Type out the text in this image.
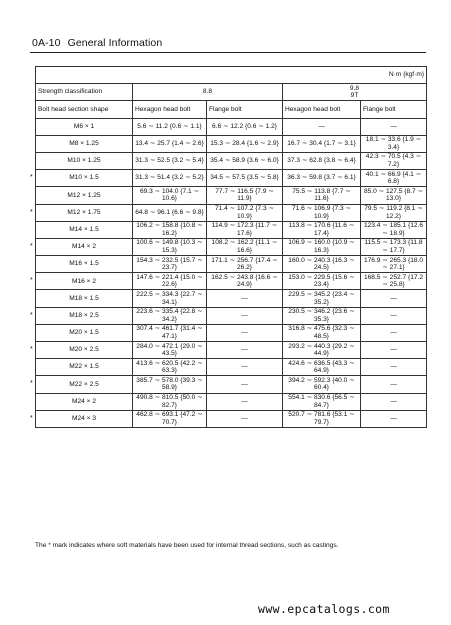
0A-10 General Information
N·m {kgf·m}				
Strength classification	8.8		9.8
9T	

Bolt head section shape	Hexagon head bolt	Flange bolt	Hexagon head bolt	Flange bolt

M6 × 1	5.6 ∼ 11.2 {0.6 ∼ 1.1}	6.6 ∼ 12.2 {0.6 ∼ 1.2}	—	—

M8 × 1.25	13.4 ∼ 25.7 {1.4 ∼ 2.6}	15.3 ∼ 28.4 {1.6 ∼ 2.9}	16.7 ∼ 30.4 {1.7 ∼ 3.1}	18.1 ∼ 33.6 {1.9 ∼ 3.4}

M10 × 1.25	31.3 ∼ 52.5 {3.2 ∼ 5.4}	35.4 ∼ 58.9 {3.6 ∼ 6.0}	37.3 ∼ 62.8 {3.8 ∼ 6.4}	42.3 ∼ 70.5 {4.3 ∼ 7.2}

* M10 × 1.5	31.3 ∼ 51.4 {3.2 ∼ 5.2}	34.5 ∼ 57.5 {3.5 ∼ 5.8}	36.3 ∼ 59.8 {3.7 ∼ 6.1}	40.1 ∼ 66.9 {4.1 ∼ 6.8}

M12 × 1.25	69.3 ∼ 104.0 {7.1 ∼ 10.6}	77.7 ∼ 116.5 {7.9 ∼ 11.9}	75.5 ∼ 113.8 {7.7 ∼ 11.6}	85.0 ∼ 127.5 {8.7 ∼ 13.0}

* M12 × 1.75	64.8 ∼ 96.1 {6.6 ∼ 9.8}	71.4 ∼ 107.2 {7.3 ∼ 10.9}	71.6 ∼ 106.9 {7.3 ∼ 10.9}	79.5 ∼ 119.2 {8.1 ∼ 12.2}

M14 × 1.5	106.2 ∼ 158.8 {10.8 ∼ 16.2}	114.9 ∼ 172.3 {11.7 ∼ 17.6}	113.8 ∼ 170.6 {11.6 ∼ 17.4}	123.4 ∼ 185.1 {12.6 ∼ 18.9}

* M14 × 2	100.6 ∼ 149.8 {10.3 ∼ 15.3}	108.2 ∼ 162.2 {11.1 ∼ 16.6}	106.9 ∼ 160.0 {10.9 ∼ 16.3}	115.5 ∼ 173.3 {11.8 ∼ 17.7}

M16 × 1.5	154.3 ∼ 232.5 {15.7 ∼ 23.7}	171.1 ∼ 256.7 {17.4 ∼ 26.2}	160.0 ∼ 240.3 {16.3 ∼ 24.5}	176.9 ∼ 265.3 {18.0 ∼ 27.1}

* M16 × 2	147.6 ∼ 221.4 {15.0 ∼ 22.6}	162.5 ∼ 243.8 {16.6 ∼ 24.9}	153.0 ∼ 229.5 {15.6 ∼ 23.4}	168.5 ∼ 252.7 {17.2 ∼ 25.8}

M18 × 1.5	222.5 ∼ 334.3 {22.7 ∼ 34.1}	—	229.5 ∼ 345.2 {23.4 ∼ 35.2}	—

* M18 × 2.5	223.6 ∼ 335.4 {22.8 ∼ 34.2}	—	230.5 ∼ 346.2 {23.6 ∼ 35.3}	—

M20 × 1.5	307.4 ∼ 461.7 {31.4 ∼ 47.1}	—	316.8 ∼ 475.6 {32.3 ∼ 48.5}	—

* M20 × 2.5	284.0 ∼ 472.1 {29.0 ∼ 43.5}	—	293.2 ∼ 440.3 {29.2 ∼ 44.9}	—

M22 × 1.5	413.6 ∼ 620.5 {42.2 ∼ 63.3}	—	424.6 ∼ 636.5 {43.3 ∼ 64.9}	—

* M22 × 2.5	385.7 ∼ 578.0 {39.3 ∼ 58.9}	—	394.2 ∼ 592.3 {40.0 ∼ 60.4}	—

M24 × 2	490.8 ∼ 810.5 {50.0 ∼ 82.7}	—	554.1 ∼ 830.6 {56.5 ∼ 84.7}	—

* M24 × 3	462.8 ∼ 693.1 {47.2 ∼ 70.7}	—	520.7 ∼ 781.6 {53.1 ∼ 79.7}	—
The * mark indicates where soft materials have been used for internal thread sections, such as castings.
www.epcatalogs.com
